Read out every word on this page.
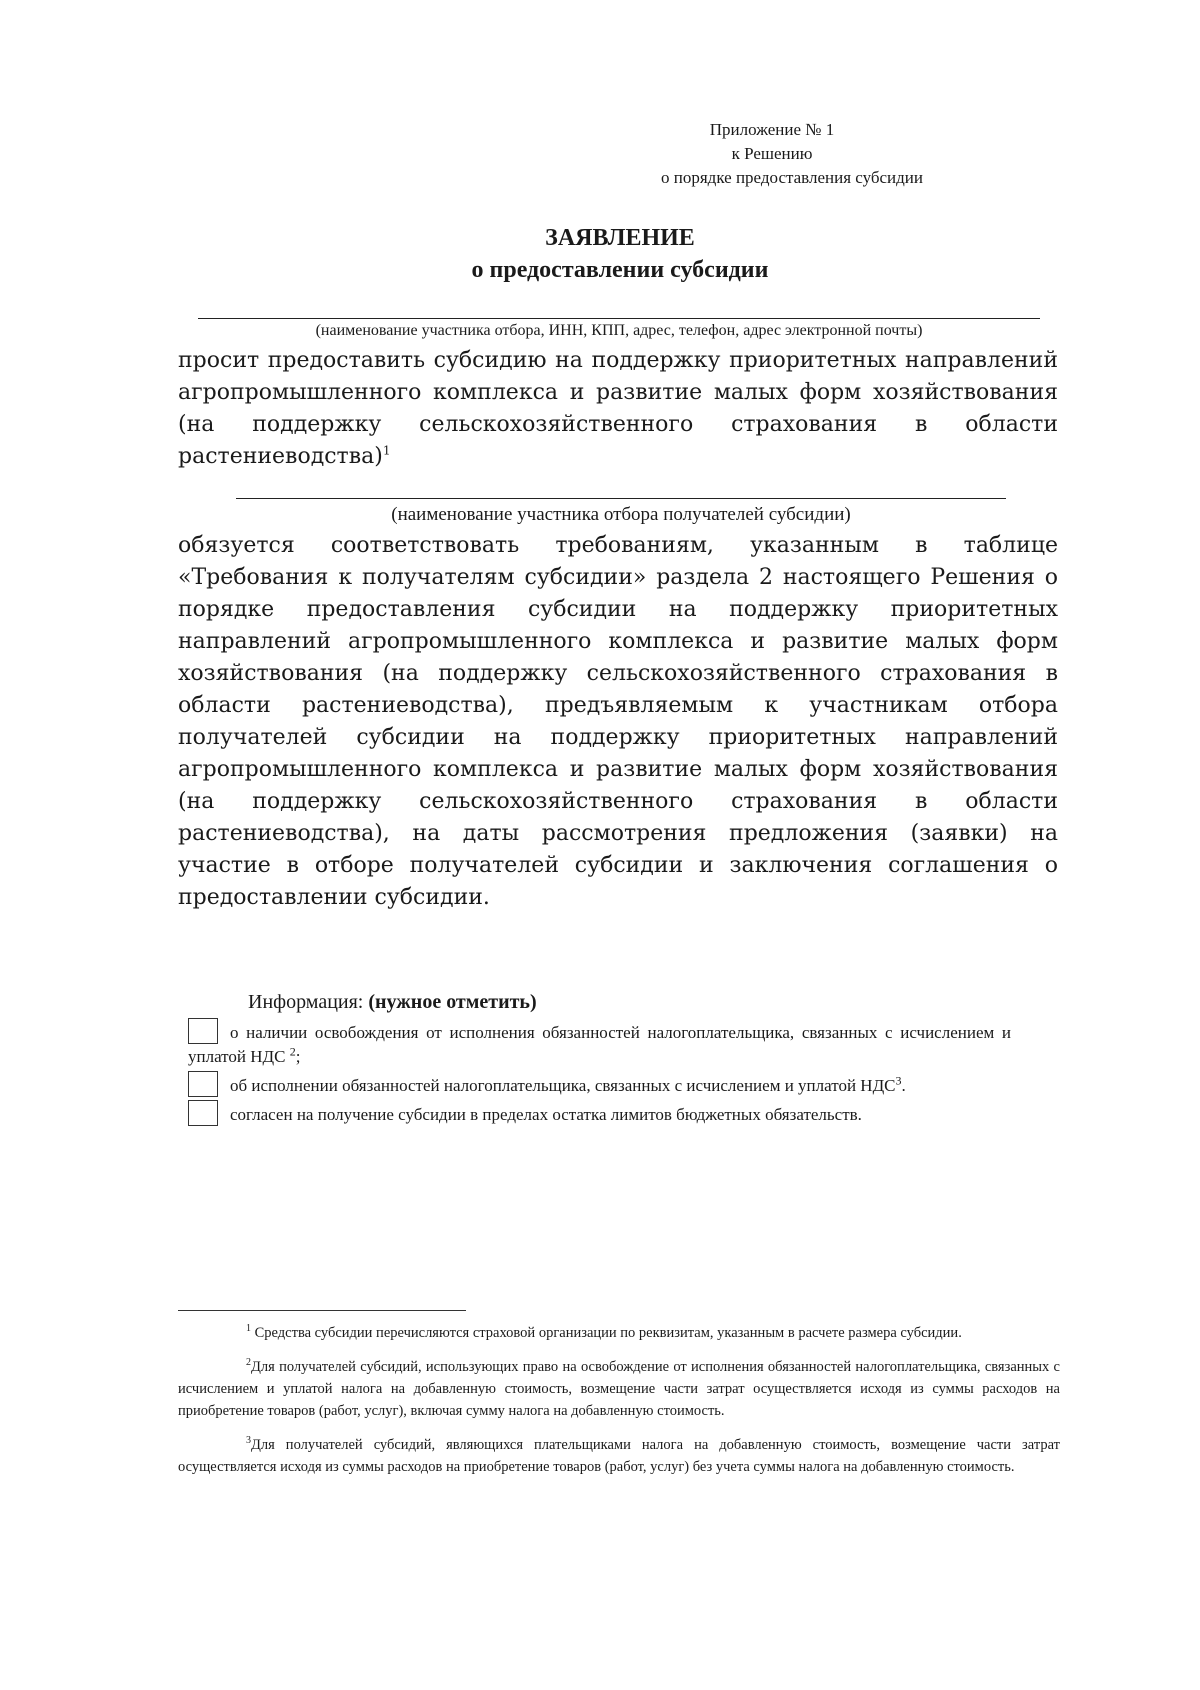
Приложение № 1
к Решению
о порядке предоставления субсидии
ЗАЯВЛЕНИЕ
о предоставлении субсидии
(наименование участника отбора, ИНН, КПП, адрес, телефон, адрес электронной почты)

просит предоставить субсидию на поддержку приоритетных направлений агропромышленного комплекса и развитие малых форм хозяйствования (на поддержку сельскохозяйственного страхования в области растениеводства)$^1$

(наименование участника отбора получателей субсидии)

обязуется соответствовать требованиям, указанным в таблице «Требования к получателям субсидии» раздела 2 настоящего Решения о порядке предоставления субсидии на поддержку приоритетных направлений агропромышленного комплекса и развитие малых форм хозяйствования (на поддержку сельскохозяйственного страхования в области растениеводства), предъявляемым к участникам отбора получателей субсидии на поддержку приоритетных направлений агропромышленного комплекса и развитие малых форм хозяйствования (на поддержку сельскохозяйственного страхования в области растениеводства), на даты рассмотрения предложения (заявки) на участие в отборе получателей субсидии и заключения соглашения о предоставлении субсидии.

Информация: (нужное отметить)
о наличии освобождения от исполнения обязанностей налогоплательщика, связанных с исчислением и уплатой НДС $^2$;
об исполнении обязанностей налогоплательщика, связанных с исчислением и уплатой НДС$^3$.
согласен на получение субсидии в пределах остатка лимитов бюджетных обязательств.
$^1$ Средства субсидии перечисляются страховой организации по реквизитам, указанным в расчете размера субсидии.
$^2$Для получателей субсидий, использующих право на освобождение от исполнения обязанностей налогоплательщика, связанных с исчислением и уплатой налога на добавленную стоимость, возмещение части затрат осуществляется исходя из суммы расходов на приобретение товаров (работ, услуг), включая сумму налога на добавленную стоимость.
$^3$Для получателей субсидий, являющихся плательщиками налога на добавленную стоимость, возмещение части затрат осуществляется исходя из суммы расходов на приобретение товаров (работ, услуг) без учета суммы налога на добавленную стоимость.
